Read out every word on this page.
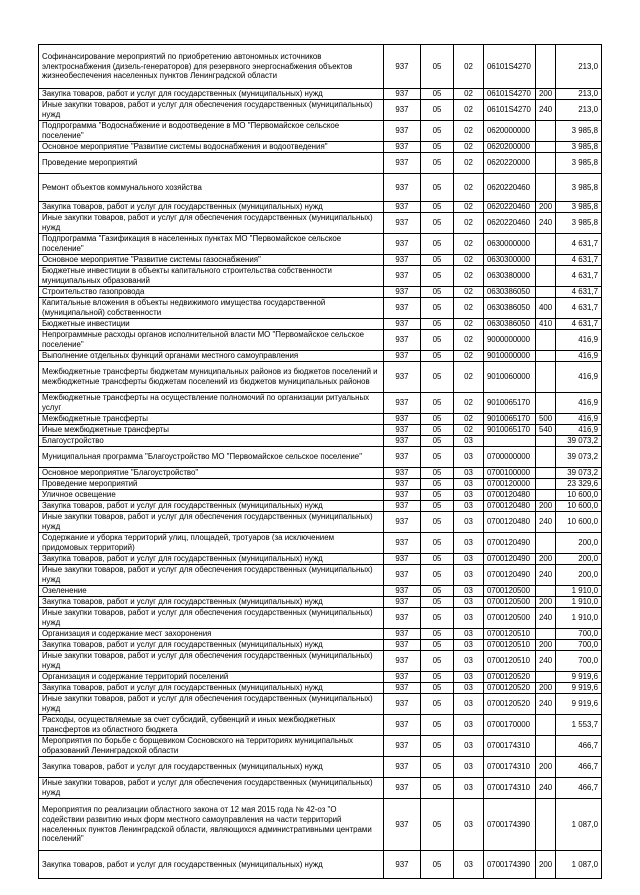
Софинансирование мероприятий по приобретению автономных источников электроснабжения (дизель-генераторов) для резервного энергоснабжения объектов жизнеобеспечения населенных пунктов Ленинградской области	937	05	02	06101S4270		213,0
Закупка товаров, работ и услуг для государственных (муниципальных) нужд	937	05	02	06101S4270	200	213,0
Иные закупки товаров, работ и услуг для обеспечения государственных (муниципальных) нужд	937	05	02	06101S4270	240	213,0
Подпрограмма "Водоснабжение и водоотведение в МО "Первомайское сельское поселение"	937	05	02	0620000000		3 985,8
Основное мероприятие "Развитие системы водоснабжения и водоотведения"	937	05	02	0620200000		3 985,8
Проведение мероприятий	937	05	02	0620220000		3 985,8
Ремонт объектов коммунального хозяйства	937	05	02	0620220460		3 985,8
Закупка товаров, работ и услуг для государственных (муниципальных) нужд	937	05	02	0620220460	200	3 985,8
Иные закупки товаров, работ и услуг для обеспечения государственных (муниципальных) нужд	937	05	02	0620220460	240	3 985,8
Подпрограмма "Газификация в населенных пунктах МО "Первомайское сельское поселение"	937	05	02	0630000000		4 631,7
Основное мероприятие "Развитие системы газоснабжения"	937	05	02	0630300000		4 631,7
Бюджетные инвестиции в объекты капитального строительства собственности муниципальных образований	937	05	02	0630380000		4 631,7
Строительство газопровода	937	05	02	0630386050		4 631,7
Капитальные вложения в объекты недвижимого имущества государственной (муниципальной) собственности	937	05	02	0630386050	400	4 631,7
Бюджетные инвестиции	937	05	02	0630386050	410	4 631,7
Непрограммные расходы органов исполнительной власти МО "Первомайское сельское поселение"	937	05	02	9000000000		416,9
Выполнение отдельных функций органами местного самоуправления	937	05	02	9010000000		416,9
Межбюджетные трансферты бюджетам муниципальных районов из бюджетов поселений и межбюджетные трансферты бюджетам поселений из бюджетов муниципальных районов	937	05	02	9010060000		416,9
Межбюджетные трансферты на осуществление полномочий по организации ритуальных услуг	937	05	02	9010065170		416,9
Межбюджетные трансферты	937	05	02	9010065170	500	416,9
Иные межбюджетные трансферты	937	05	02	9010065170	540	416,9
Благоустройство	937	05	03			39 073,2
Муниципальная программа "Благоустройство МО "Первомайское сельское поселение"	937	05	03	0700000000		39 073,2
Основное мероприятие "Благоустройство"	937	05	03	0700100000		39 073,2
Проведение мероприятий	937	05	03	0700120000		23 329,6
Уличное освещение	937	05	03	0700120480		10 600,0
Закупка товаров, работ и услуг для государственных (муниципальных) нужд	937	05	03	0700120480	200	10 600,0
Иные закупки товаров, работ и услуг для обеспечения государственных (муниципальных) нужд	937	05	03	0700120480	240	10 600,0
Содержание и уборка территорий улиц, площадей, тротуаров (за исключением придомовых территорий)	937	05	03	0700120490		200,0
Закупка товаров, работ и услуг для государственных (муниципальных) нужд	937	05	03	0700120490	200	200,0
Иные закупки товаров, работ и услуг для обеспечения государственных (муниципальных) нужд	937	05	03	0700120490	240	200,0
Озеленение	937	05	03	0700120500		1 910,0
Закупка товаров, работ и услуг для государственных (муниципальных) нужд	937	05	03	0700120500	200	1 910,0
Иные закупки товаров, работ и услуг для обеспечения государственных (муниципальных) нужд	937	05	03	0700120500	240	1 910,0
Организация и содержание мест захоронения	937	05	03	0700120510		700,0
Закупка товаров, работ и услуг для государственных (муниципальных) нужд	937	05	03	0700120510	200	700,0
Иные закупки товаров, работ и услуг для обеспечения государственных (муниципальных) нужд	937	05	03	0700120510	240	700,0
Организация и содержание территорий поселений	937	05	03	0700120520		9 919,6
Закупка товаров, работ и услуг для государственных (муниципальных) нужд	937	05	03	0700120520	200	9 919,6
Иные закупки товаров, работ и услуг для обеспечения государственных (муниципальных) нужд	937	05	03	0700120520	240	9 919,6
Расходы, осуществляемые за счет субсидий, субвенций и иных межбюджетных трансфертов из областного бюджета	937	05	03	0700170000		1 553,7
Мероприятия по борьбе с борщевиком Сосновского на территориях муниципальных образований Ленинградской области	937	05	03	0700174310		466,7
Закупка товаров, работ и услуг для государственных (муниципальных) нужд	937	05	03	0700174310	200	466,7
Иные закупки товаров, работ и услуг для обеспечения государственных (муниципальных) нужд	937	05	03	0700174310	240	466,7
Мероприятия по реализации областного закона от 12 мая 2015 года № 42-оз "О содействии развитию иных форм местного самоуправления на части территорий населенных пунктов Ленинградской области, являющихся административными центрами поселений"	937	05	03	0700174390		1 087,0
Закупка товаров, работ и услуг для государственных (муниципальных) нужд	937	05	03	0700174390	200	1 087,0
